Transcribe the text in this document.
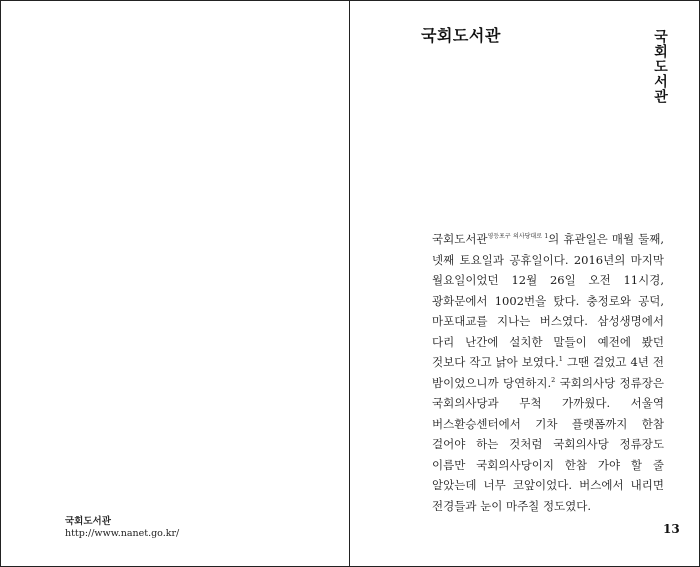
국회도서관
http://www.nanet.go.kr/
국회도서관	국회도서관
국회도서관$^{영등포구 의사당대로 1}$의 휴관일은 매월 둘째, 넷째 토요일과 공휴일이다. 2016년의 마지막 월요일이었던 12월 26일 오전 11시경, 광화문에서 1002번을 탔다. 충정로와 공덕, 마포대교를 지나는 버스였다. 삼성생명에서 다리 난간에 설치한 말들이 예전에 봤던 것보다 작고 낡아 보였다.$^1$ 그땐 걸었고 4년 전 밤이었으니까 당연하지.$^2$ 국회의사당 정류장은 국회의사당과 무척 가까웠다. 서울역 버스환승센터에서 기차 플랫폼까지 한참 걸어야 하는 것처럼 국회의사당 정류장도 이름만 국회의사당이지 한참 가야 할 줄 알았는데 너무 코앞이었다. 버스에서 내리면 전경들과 눈이 마주칠 정도였다.
13
